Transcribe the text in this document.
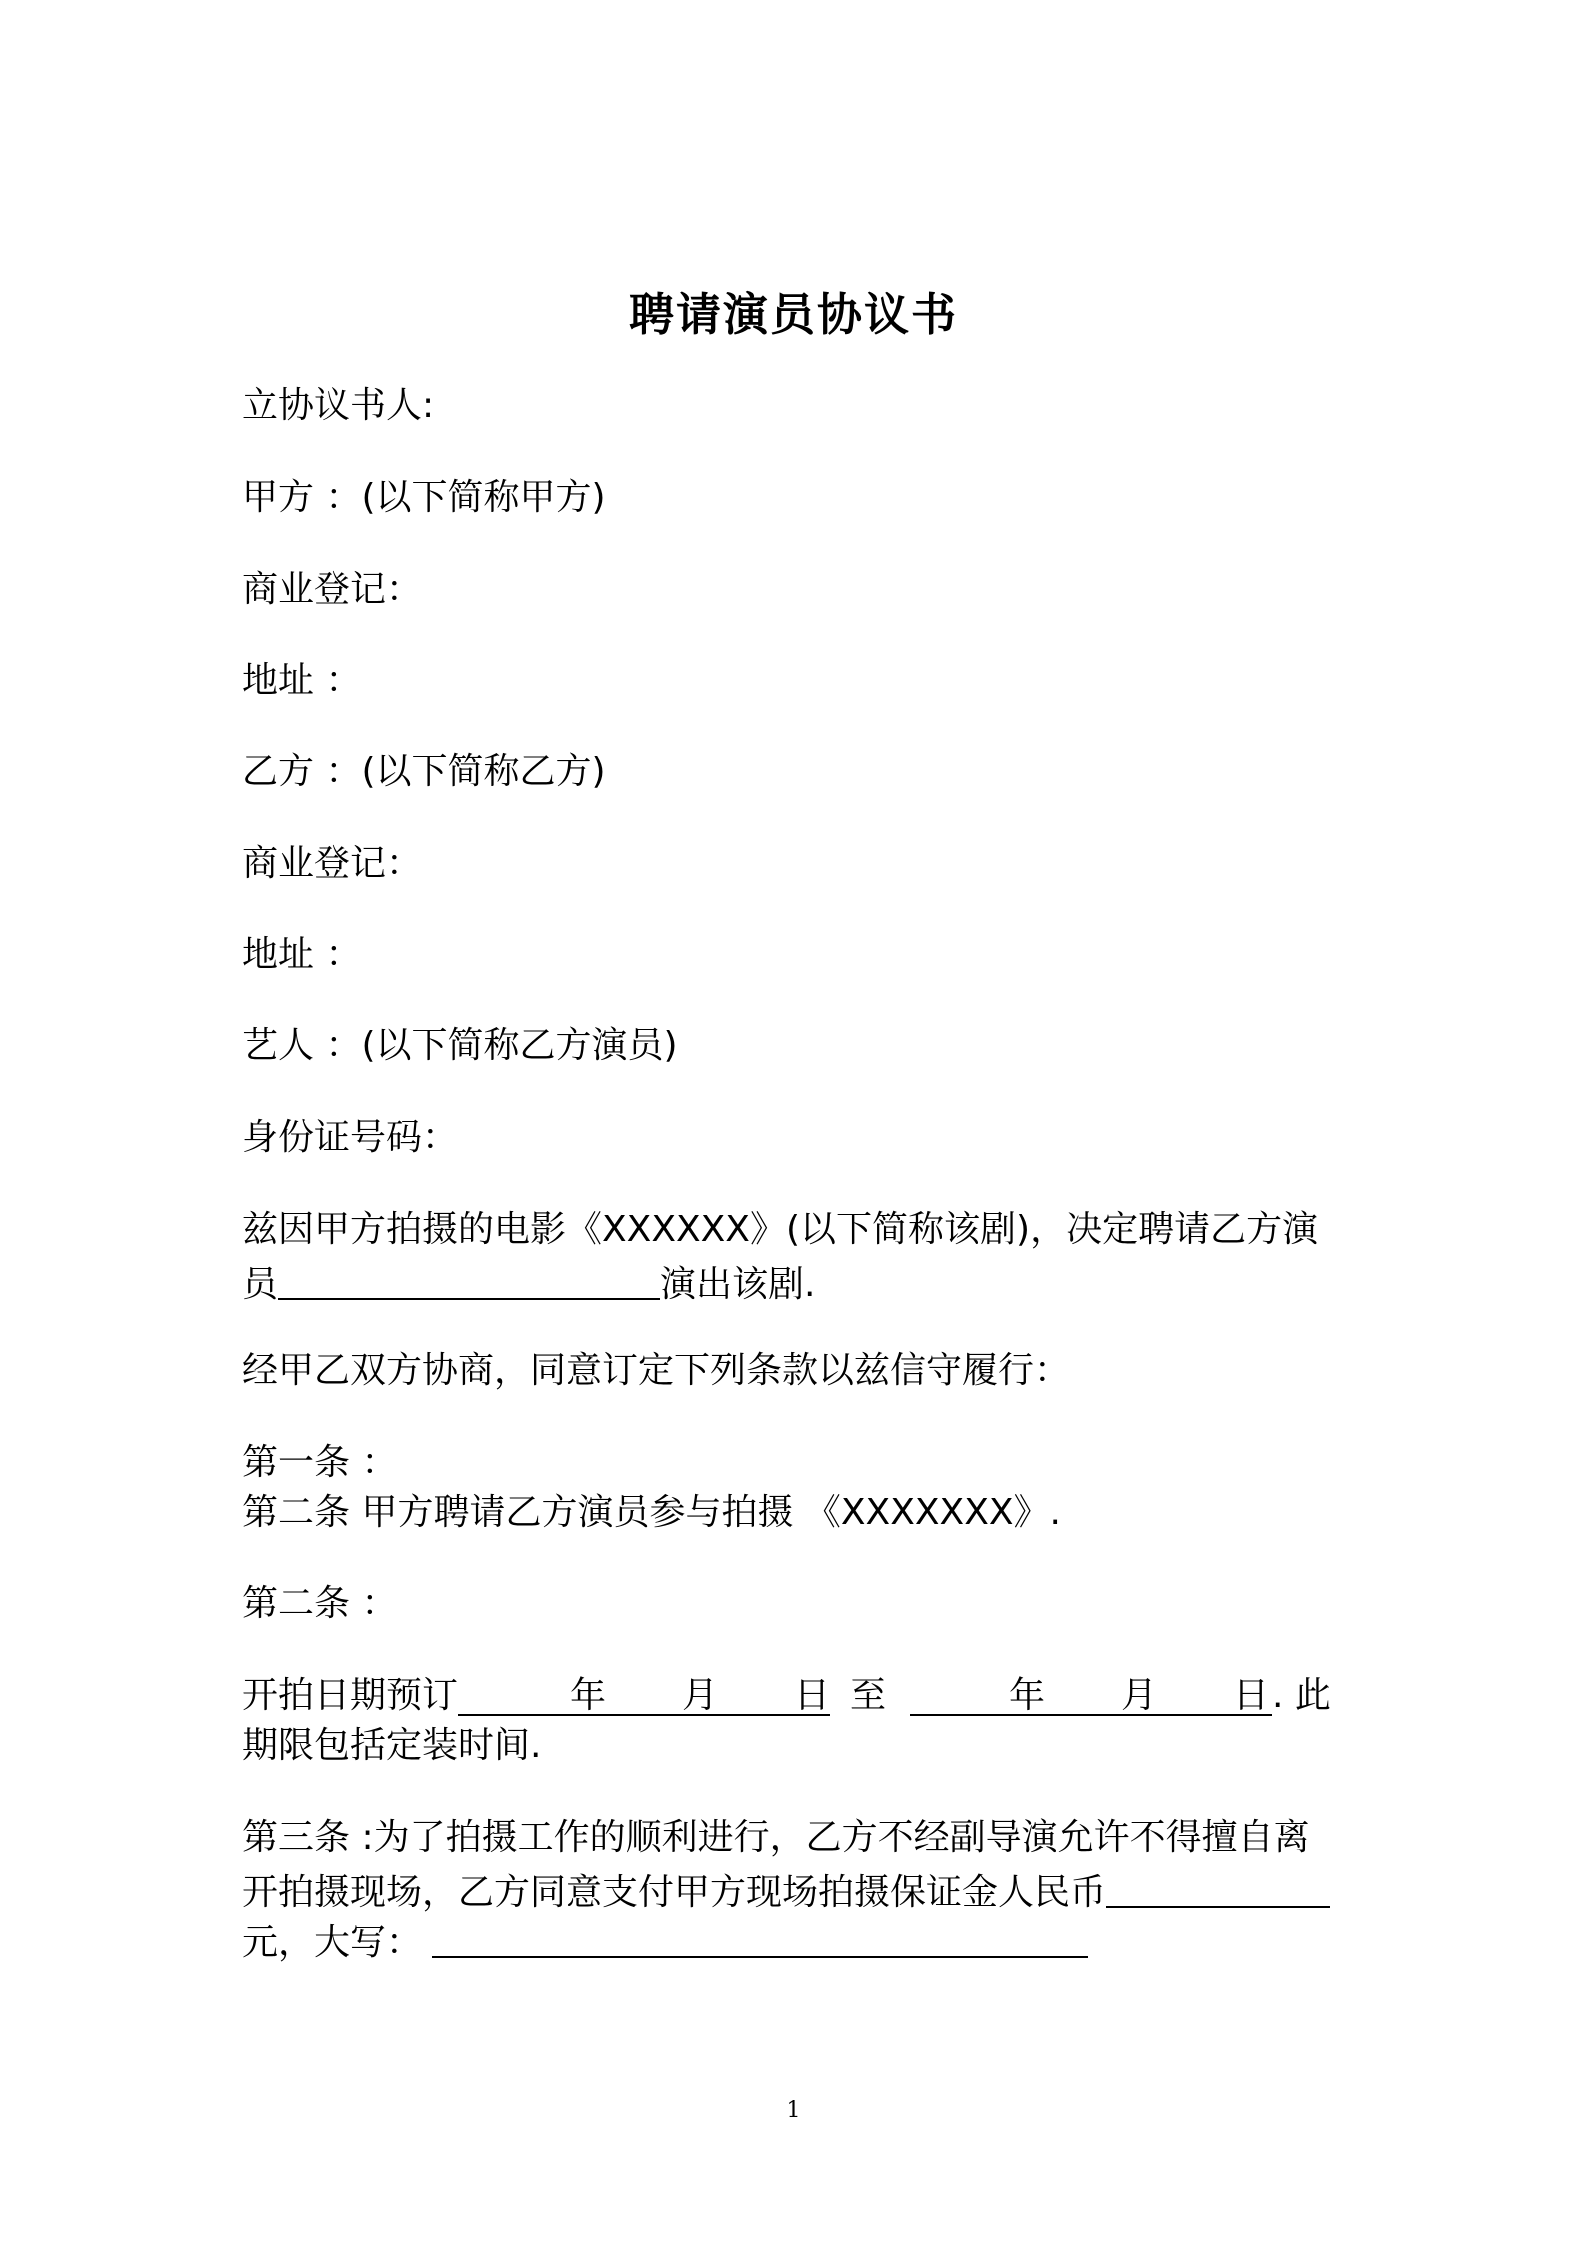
聘请演员协议书
立协议书人:
甲方 ：(以下简称甲方)
商业登记：
地址 ：
乙方 ：(以下简称乙方)
商业登记：
地址 ：
艺人 ：(以下简称乙方演员)
身份证号码：
兹因甲方拍摄的电影《XXXXXX》(以下简称该剧)，决定聘请乙方演
员	演出该剧.
经甲乙双方协商，同意订定下列条款以兹信守履行：
第一条 ：
第二条 甲方聘请乙方演员参与拍摄 《XXXXXXX》.
第二条 ：
开拍日期预订	年 月 日 至	年 月 日. 此
期限包括定装时间.
第三条 :为了拍摄工作的顺利进行，乙方不经副导演允许不得擅自离
开拍摄现场，乙方同意支付甲方现场拍摄保证金人民币
元，大写：
1
